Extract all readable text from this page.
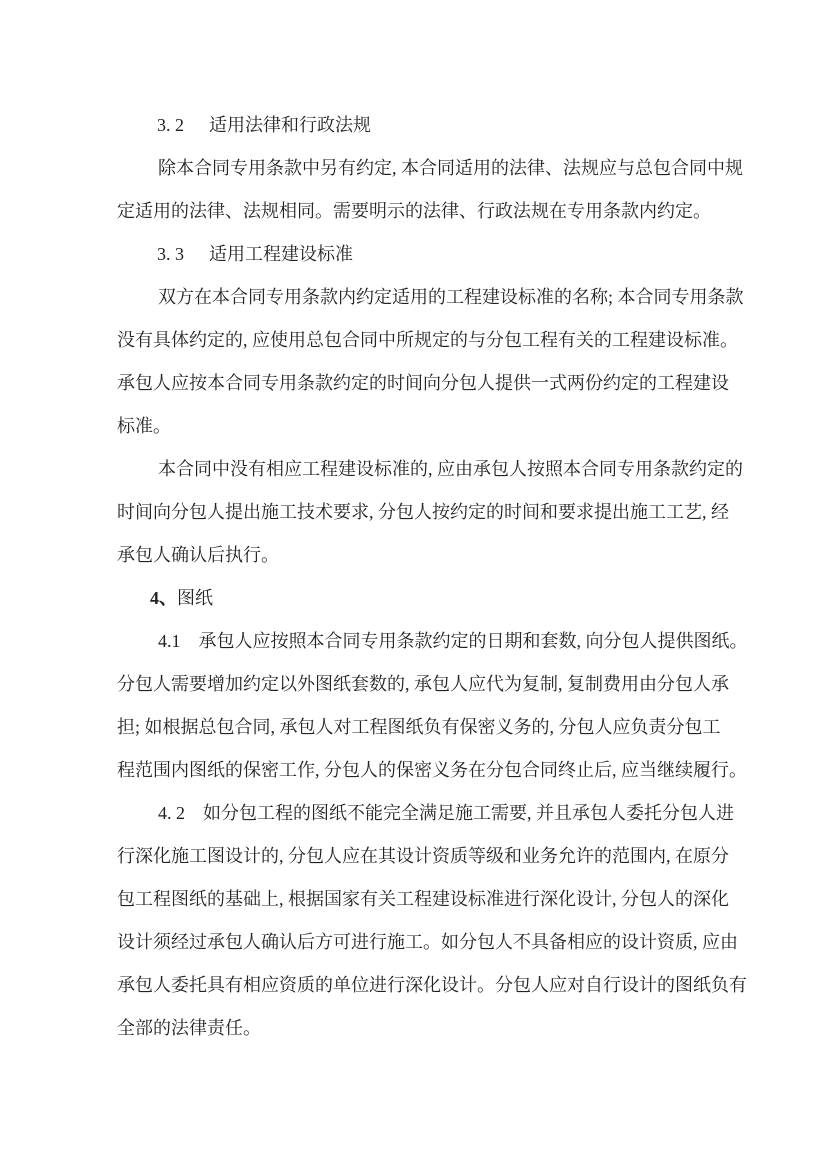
3. 2 适用法律和行政法规
除本合同专用条款中另有约定, 本合同适用的法律、法规应与总包合同中规
定适用的法律、法规相同。需要明示的法律、行政法规在专用条款内约定。
3. 3 适用工程建设标准
双方在本合同专用条款内约定适用的工程建设标准的名称; 本合同专用条款
没有具体约定的, 应使用总包合同中所规定的与分包工程有关的工程建设标准。
承包人应按本合同专用条款约定的时间向分包人提供一式两份约定的工程建设
标准。
本合同中没有相应工程建设标准的, 应由承包人按照本合同专用条款约定的
时间向分包人提出施工技术要求, 分包人按约定的时间和要求提出施工工艺, 经
承包人确认后执行。
4、图纸
4.1　承包人应按照本合同专用条款约定的日期和套数, 向分包人提供图纸。
分包人需要增加约定以外图纸套数的, 承包人应代为复制, 复制费用由分包人承
担; 如根据总包合同, 承包人对工程图纸负有保密义务的, 分包人应负责分包工
程范围内图纸的保密工作, 分包人的保密义务在分包合同终止后, 应当继续履行。
4. 2　如分包工程的图纸不能完全满足施工需要, 并且承包人委托分包人进
行深化施工图设计的, 分包人应在其设计资质等级和业务允许的范围内, 在原分
包工程图纸的基础上, 根据国家有关工程建设标准进行深化设计, 分包人的深化
设计须经过承包人确认后方可进行施工。如分包人不具备相应的设计资质, 应由
承包人委托具有相应资质的单位进行深化设计。分包人应对自行设计的图纸负有
全部的法律责任。
